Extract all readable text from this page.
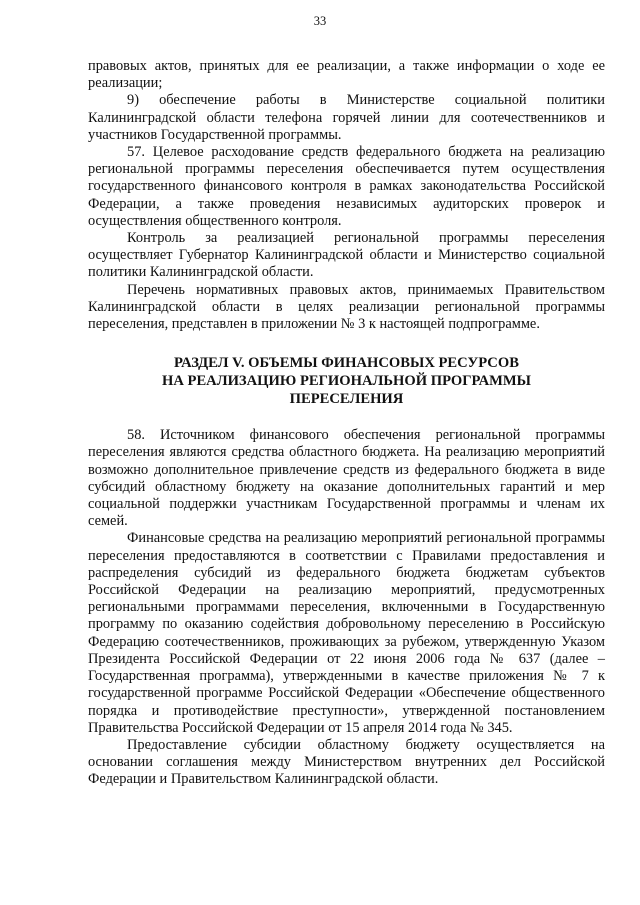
33

правовых актов, принятых для ее реализации, а также информации о ходе ее реализации;

9) обеспечение работы в Министерстве социальной политики Калининградской области телефона горячей линии для соотечественников и участников Государственной программы.

57. Целевое расходование средств федерального бюджета на реализацию региональной программы переселения обеспечивается путем осуществления государственного финансового контроля в рамках законодательства Российской Федерации, а также проведения независимых аудиторских проверок и осуществления общественного контроля.

Контроль за реализацией региональной программы переселения осуществляет Губернатор Калининградской области и Министерство социальной политики Калининградской области.

Перечень нормативных правовых актов, принимаемых Правительством Калининградской области в целях реализации региональной программы переселения, представлен в приложении № 3 к настоящей подпрограмме.

РАЗДЕЛ V. ОБЪЕМЫ ФИНАНСОВЫХ РЕСУРСОВ
НА РЕАЛИЗАЦИЮ РЕГИОНАЛЬНОЙ ПРОГРАММЫ
ПЕРЕСЕЛЕНИЯ

58. Источником финансового обеспечения региональной программы переселения являются средства областного бюджета. На реализацию мероприятий возможно дополнительное привлечение средств из федерального бюджета в виде субсидий областному бюджету на оказание дополнительных гарантий и мер социальной поддержки участникам Государственной программы и членам их семей.

Финансовые средства на реализацию мероприятий региональной программы переселения предоставляются в соответствии с Правилами предоставления и распределения субсидий из федерального бюджета бюджетам субъектов Российской Федерации на реализацию мероприятий, предусмотренных региональными программами переселения, включенными в Государственную программу по оказанию содействия добровольному переселению в Российскую Федерацию соотечественников, проживающих за рубежом, утвержденную Указом Президента Российской Федерации от 22 июня 2006 года № 637 (далее – Государственная программа), утвержденными в качестве приложения № 7 к государственной программе Российской Федерации «Обеспечение общественного порядка и противодействие преступности», утвержденной постановлением Правительства Российской Федерации от 15 апреля 2014 года № 345.

Предоставление субсидии областному бюджету осуществляется на основании соглашения между Министерством внутренних дел Российской Федерации и Правительством Калининградской области.
